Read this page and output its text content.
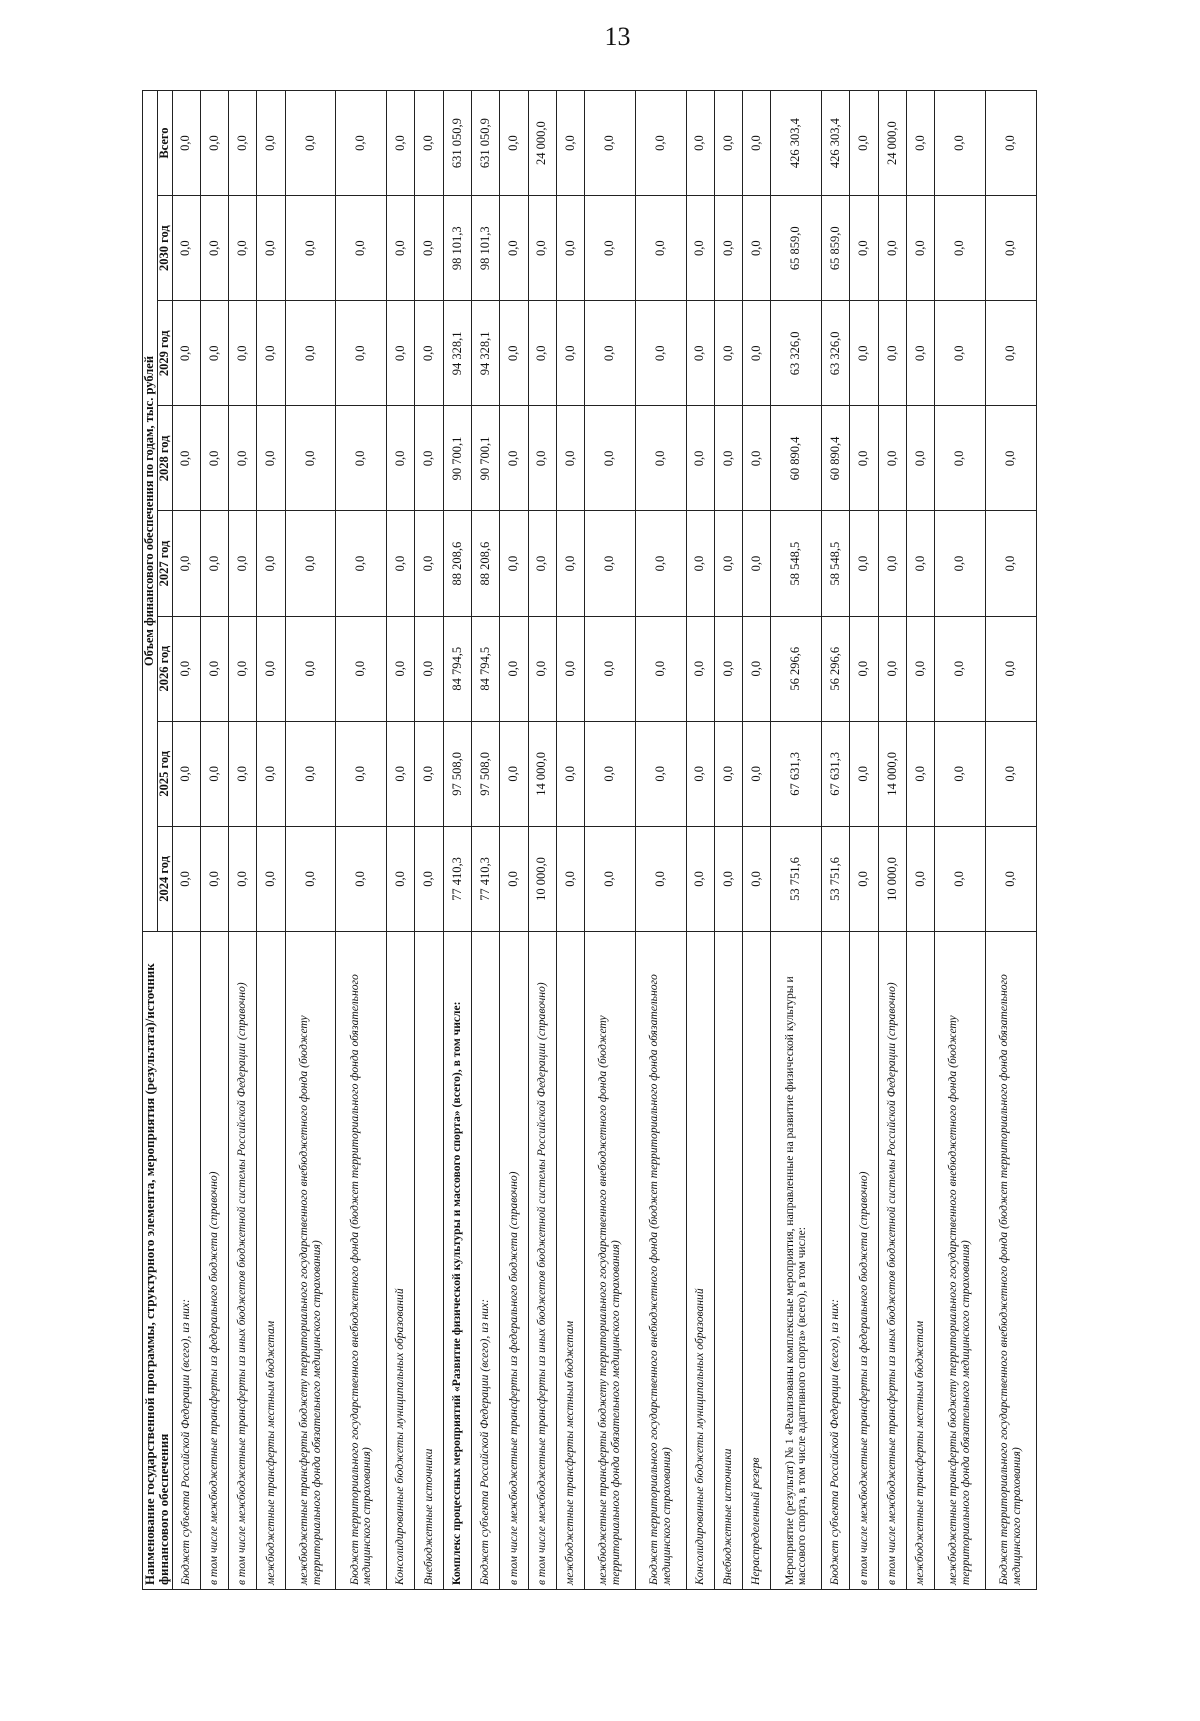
13
Наименование государственной программы, структурного элемента, мероприятия (результата)/источник финансового обеспечения	Объем финансового обеспечения по годам, тыс. рублей							
	2024 год	2025 год	2026 год	2027 год	2028 год	2029 год	2030 год	Всего
Бюджет субъекта Российской Федерации (всего), из них:	0,0	0,0	0,0	0,0	0,0	0,0	0,0	0,0
в том числе межбюджетные трансферты из федерального бюджета (справочно)	0,0	0,0	0,0	0,0	0,0	0,0	0,0	0,0
в том числе межбюджетные трансферты из иных бюджетов бюджетной системы Российской Федерации (справочно)	0,0	0,0	0,0	0,0	0,0	0,0	0,0	0,0
межбюджетные трансферты местным бюджетам	0,0	0,0	0,0	0,0	0,0	0,0	0,0	0,0
межбюджетные трансферты бюджету территориального государственного внебюджетного фонда (бюджету территориального фонда обязательного медицинского страхования)	0,0	0,0	0,0	0,0	0,0	0,0	0,0	0,0
Бюджет территориального государственного внебюджетного фонда (бюджет территориального фонда обязательного медицинского страхования)	0,0	0,0	0,0	0,0	0,0	0,0	0,0	0,0
Консолидированные бюджеты муниципальных образований	0,0	0,0	0,0	0,0	0,0	0,0	0,0	0,0
Внебюджетные источники	0,0	0,0	0,0	0,0	0,0	0,0	0,0	0,0
Комплекс процессных мероприятий «Развитие физической культуры и массового спорта» (всего), в том числе:	77 410,3	97 508,0	84 794,5	88 208,6	90 700,1	94 328,1	98 101,3	631 050,9
Бюджет субъекта Российской Федерации (всего), из них:	77 410,3	97 508,0	84 794,5	88 208,6	90 700,1	94 328,1	98 101,3	631 050,9
в том числе межбюджетные трансферты из федерального бюджета (справочно)	0,0	0,0	0,0	0,0	0,0	0,0	0,0	0,0
в том числе межбюджетные трансферты из иных бюджетов бюджетной системы Российской Федерации (справочно)	10 000,0	14 000,0	0,0	0,0	0,0	0,0	0,0	24 000,0
межбюджетные трансферты местным бюджетам	0,0	0,0	0,0	0,0	0,0	0,0	0,0	0,0
межбюджетные трансферты бюджету территориального государственного внебюджетного фонда (бюджету территориального фонда обязательного медицинского страхования)	0,0	0,0	0,0	0,0	0,0	0,0	0,0	0,0
Бюджет территориального государственного внебюджетного фонда (бюджет территориального фонда обязательного медицинского страхования)	0,0	0,0	0,0	0,0	0,0	0,0	0,0	0,0
Консолидированные бюджеты муниципальных образований	0,0	0,0	0,0	0,0	0,0	0,0	0,0	0,0
Внебюджетные источники	0,0	0,0	0,0	0,0	0,0	0,0	0,0	0,0
Нераспределенный резерв	0,0	0,0	0,0	0,0	0,0	0,0	0,0	0,0
Мероприятие (результат) № 1 «Реализованы комплексные мероприятия, направленные на развитие физической культуры и массового спорта, в том числе адаптивного спорта» (всего), в том числе:	53 751,6	67 631,3	56 296,6	58 548,5	60 890,4	63 326,0	65 859,0	426 303,4
Бюджет субъекта Российской Федерации (всего), из них:	53 751,6	67 631,3	56 296,6	58 548,5	60 890,4	63 326,0	65 859,0	426 303,4
в том числе межбюджетные трансферты из федерального бюджета (справочно)	0,0	0,0	0,0	0,0	0,0	0,0	0,0	0,0
в том числе межбюджетные трансферты из иных бюджетов бюджетной системы Российской Федерации (справочно)	10 000,0	14 000,0	0,0	0,0	0,0	0,0	0,0	24 000,0
межбюджетные трансферты местным бюджетам	0,0	0,0	0,0	0,0	0,0	0,0	0,0	0,0
межбюджетные трансферты бюджету территориального государственного внебюджетного фонда (бюджету территориального фонда обязательного медицинского страхования)	0,0	0,0	0,0	0,0	0,0	0,0	0,0	0,0
Бюджет территориального государственного внебюджетного фонда (бюджет территориального фонда обязательного медицинского страхования)	0,0	0,0	0,0	0,0	0,0	0,0	0,0	0,0
